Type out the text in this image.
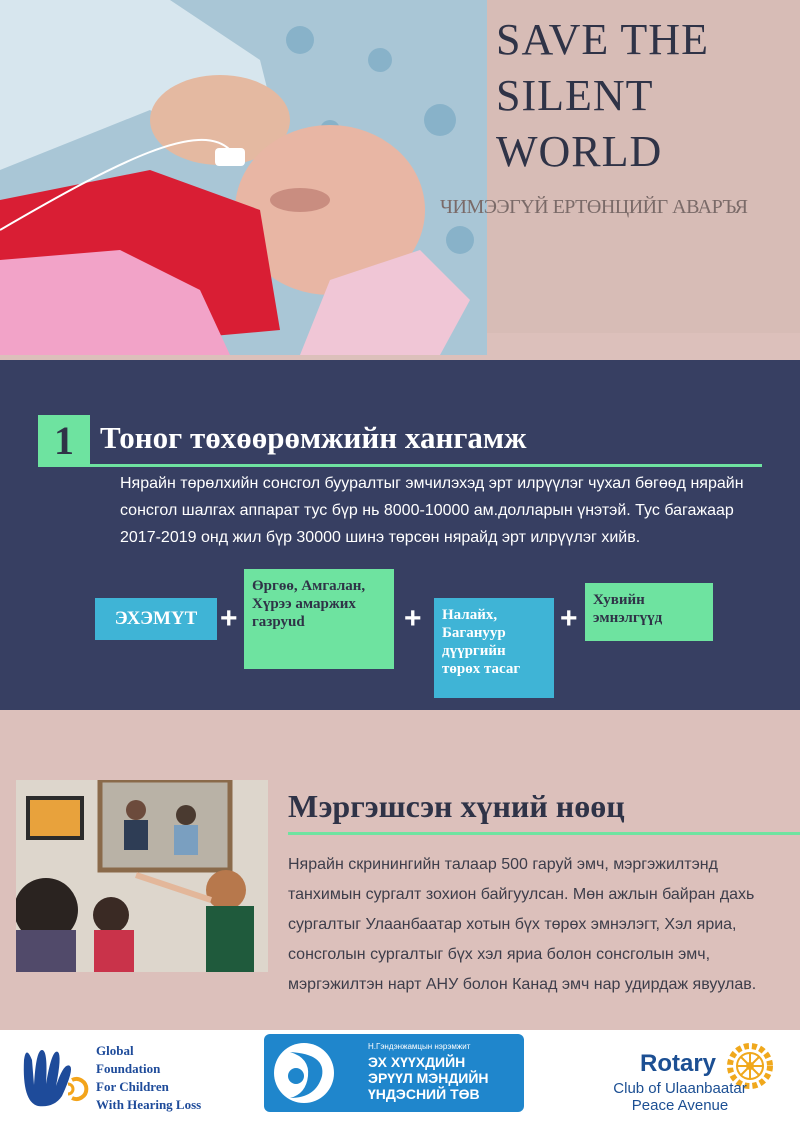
SAVE THE
SILENT
WORLD
ЧИМЭЭГҮЙ ЕРТӨНЦИЙГ АВАРЪЯ
1 Тоног төхөөрөмжийн хангамж
Нярайн төрөлхийн сонсгол бууралтыг эмчилэхэд эрт илрүүлэг чухал бөгөөд нярайн сонсгол шалгах аппарат тус бүр нь 8000-10000 ам.долларын үнэтэй. Тус багажаар 2017-2019 онд жил бүр 30000 шинэ төрсөн нярайд эрт илрүүлэг хийв.
ЭХЭМҮТ +
Өргөө, Амгалан, Хүрээ амаржих газруud	+	Налайх, Багануур дүүргийн төрөх тасаг
+
Хувийн эмнэлгүүд
Мэргэшсэн хүний нөөц
Нярайн скринингийн талаар 500 гаруй эмч, мэргэжилтэнд танхимын сургалт зохион байгуулсан. Мөн ажлын байран дахь сургалтыг Улаанбаатар хотын бүх төрөх эмнэлэгт, Хэл яриа, сонсголын сургалтыг бүх хэл яриа болон сонсголын эмч, мэргэжилтэн нарт АНУ болон Канад эмч нар удирдаж явуулав.
Global
Foundation
For Children
With Hearing Loss
Н.Гэндэнжамцын нэрэмжит
ЭХ ХҮҮХДИЙН
ЭРҮҮЛ МЭНДИЙН
ҮНДЭСНИЙ ТӨВ
Rotary
Club of Ulaanbaatar
Peace Avenue
